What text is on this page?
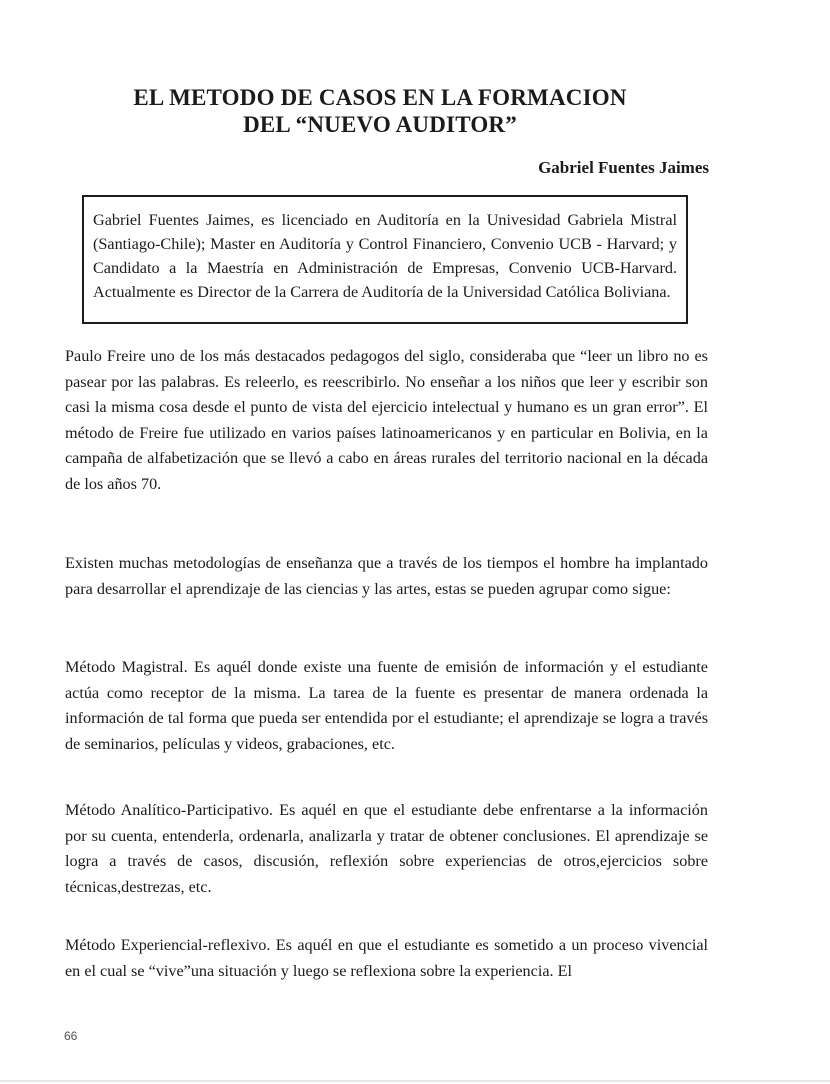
EL METODO DE CASOS EN LA FORMACION
DEL “NUEVO AUDITOR”
Gabriel Fuentes Jaimes
Gabriel Fuentes Jaimes, es licenciado en Auditoría en la Univesidad Gabriela Mistral (Santiago-Chile); Master en Auditoría y Control Financiero, Convenio UCB - Harvard; y Candidato a la Maestría en Administración de Empresas, Convenio UCB-Harvard. Actualmente es Director de la Carrera de Auditoría de la Universidad Católica Boliviana.

Paulo Freire uno de los más destacados pedagogos del siglo, consideraba que “leer un libro no es pasear por las palabras. Es releerlo, es reescribirlo. No enseñar a los niños que leer y escribir son casi la misma cosa desde el punto de vista del ejercicio intelectual y humano es un gran error”. El método de Freire fue utilizado en varios países latinoamericanos y en particular en Bolivia, en la campaña de alfabetización que se llevó a cabo en áreas rurales del territorio nacional en la década de los años 70.

Existen muchas metodologías de enseñanza que a través de los tiempos el hombre ha implantado para desarrollar el aprendizaje de las ciencias y las artes, estas se pueden agrupar como sigue:

Método Magistral. Es aquél donde existe una fuente de emisión de información y el estudiante actúa como receptor de la misma. La tarea de la fuente es presentar de manera ordenada la información de tal forma que pueda ser entendida por el estudiante; el aprendizaje se logra a través de seminarios, películas y videos, grabaciones, etc.

Método Analítico-Participativo. Es aquél en que el estudiante debe enfrentarse a la información por su cuenta, entenderla, ordenarla, analizarla y tratar de obtener conclusiones. El aprendizaje se logra a través de casos, discusión, reflexión sobre experiencias de otros,ejercicios sobre técnicas,destrezas, etc.

Método Experiencial-reflexivo. Es aquél en que el estudiante es sometido a un proceso vivencial en el cual se “vive”una situación y luego se reflexiona sobre la experiencia. El

66
